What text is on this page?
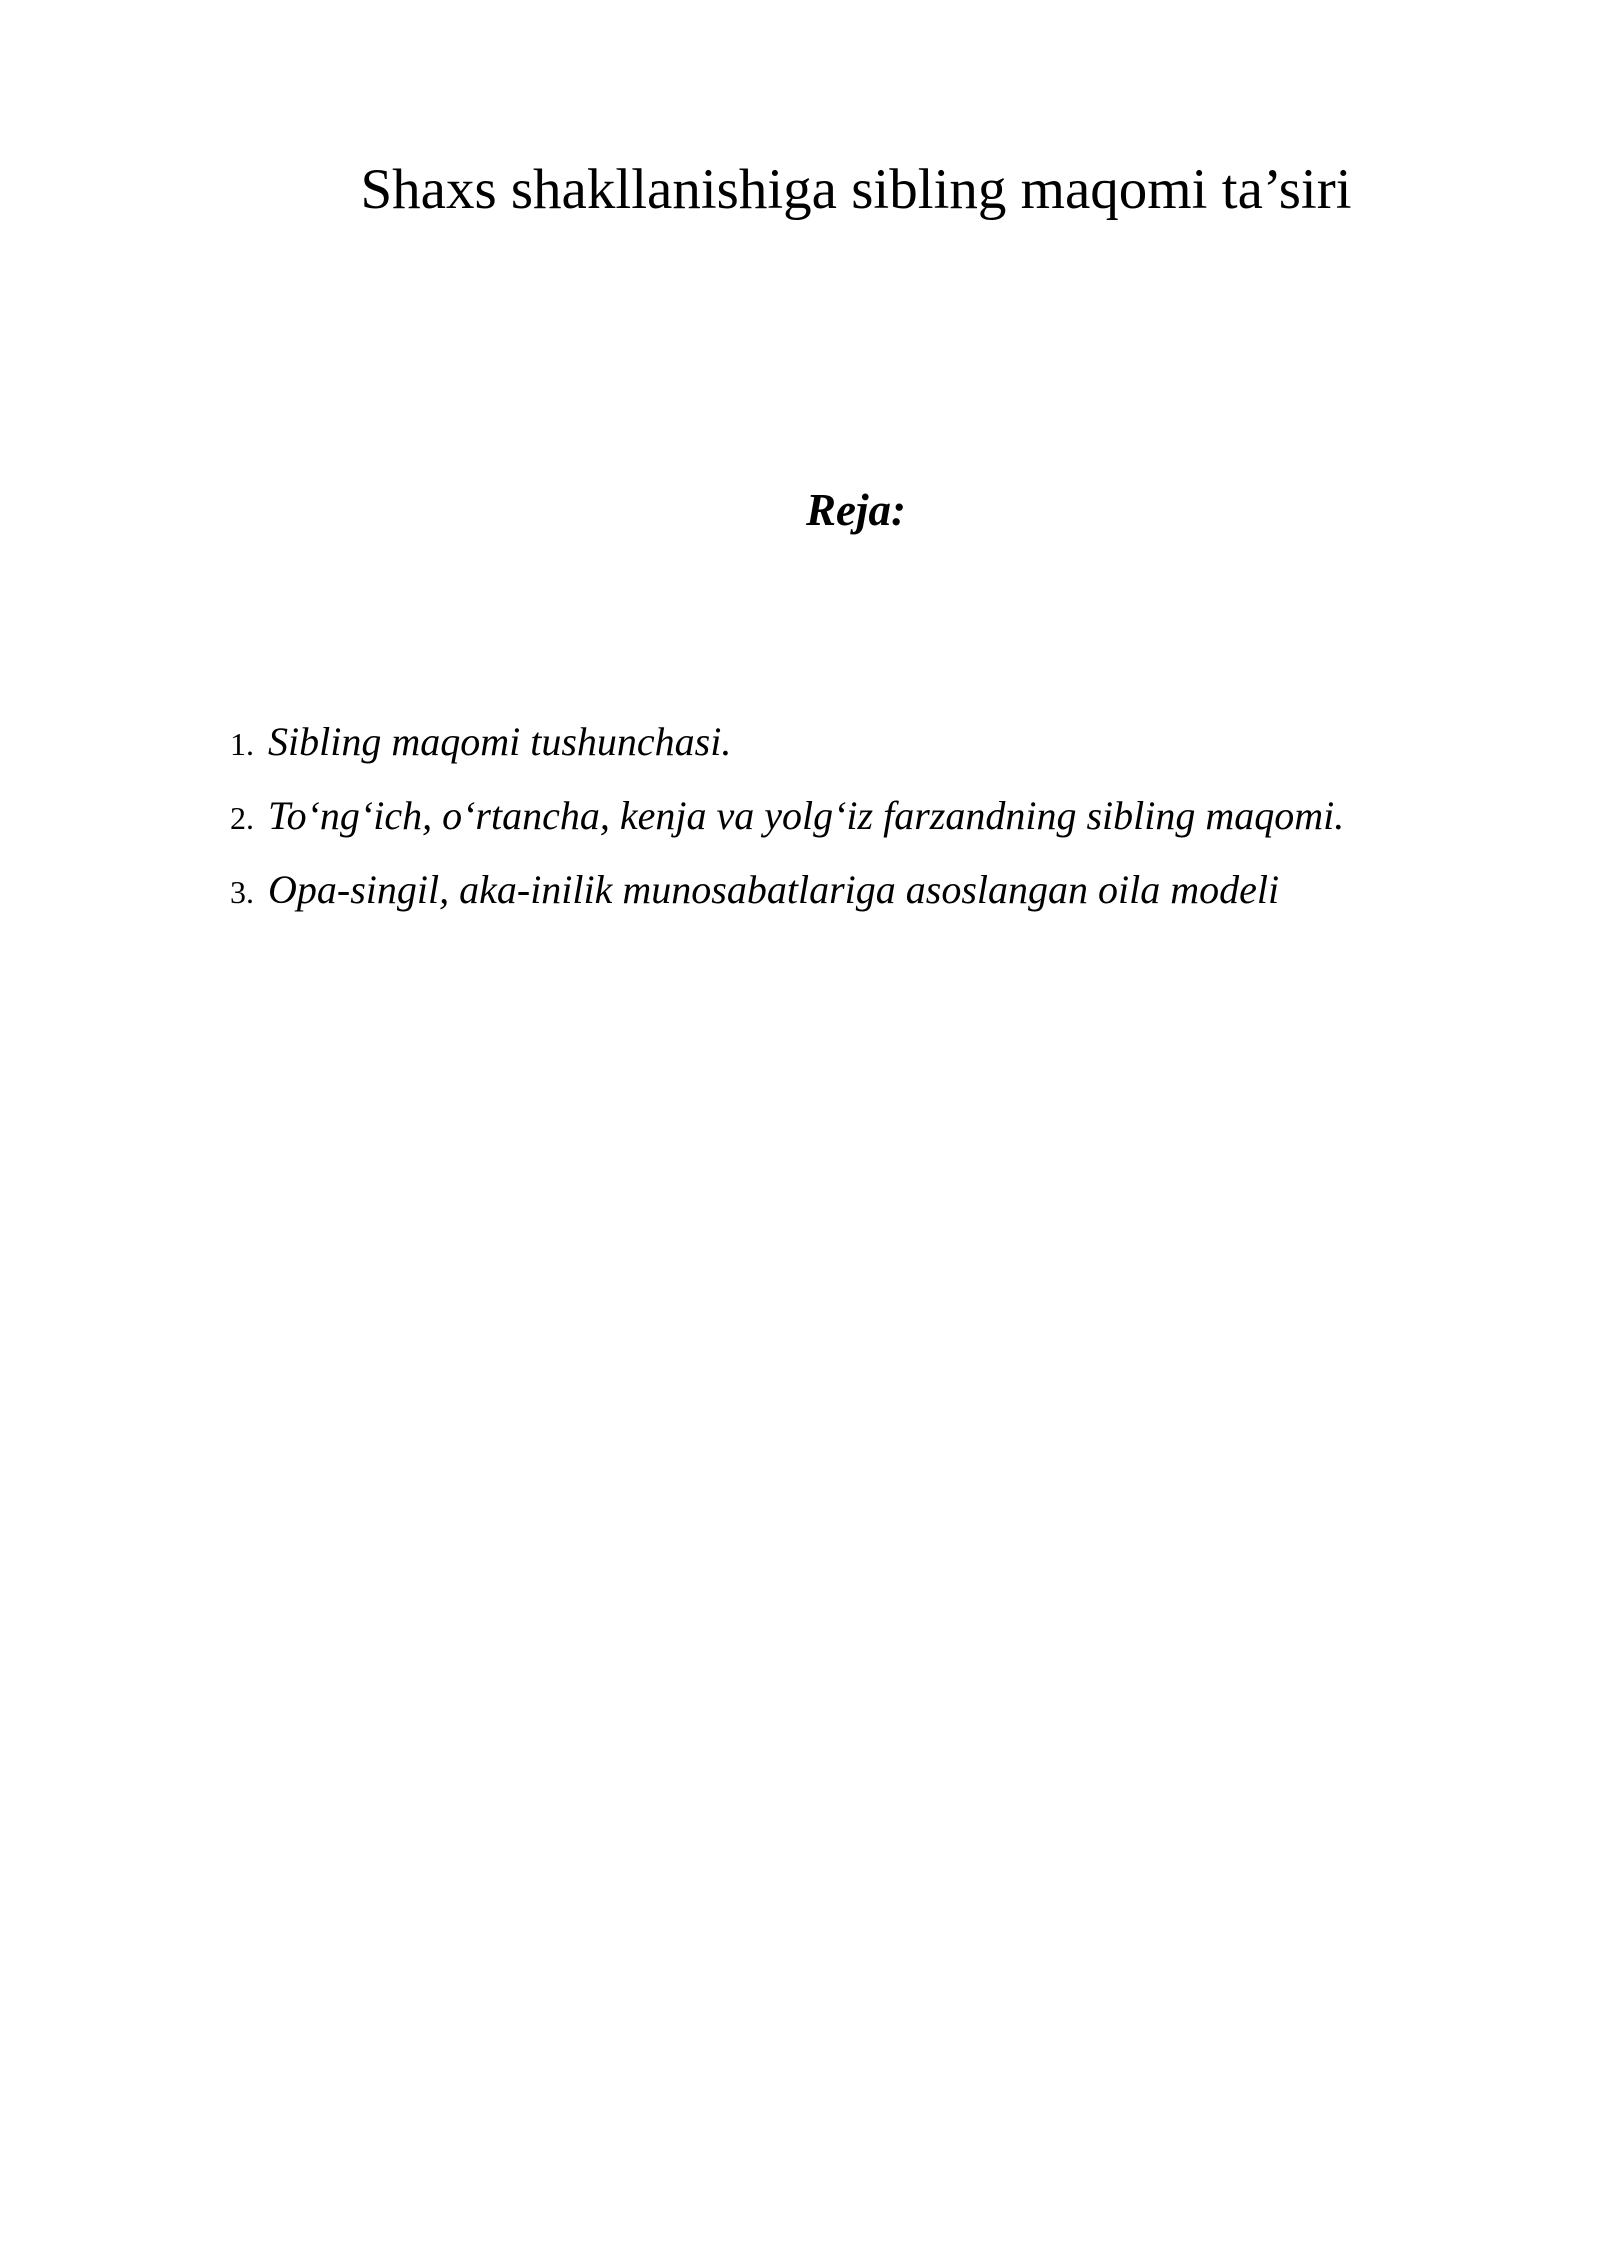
Shaxs shakllanishiga sibling maqomi ta’siri
Reja:
1. Sibling maqomi tushunchasi.
2. To‘ng‘ich, o‘rtancha, kenja va yolg‘iz farzandning sibling maqomi.
3. Opa-singil, aka-inilik munosabatlariga asoslangan oila modeli
